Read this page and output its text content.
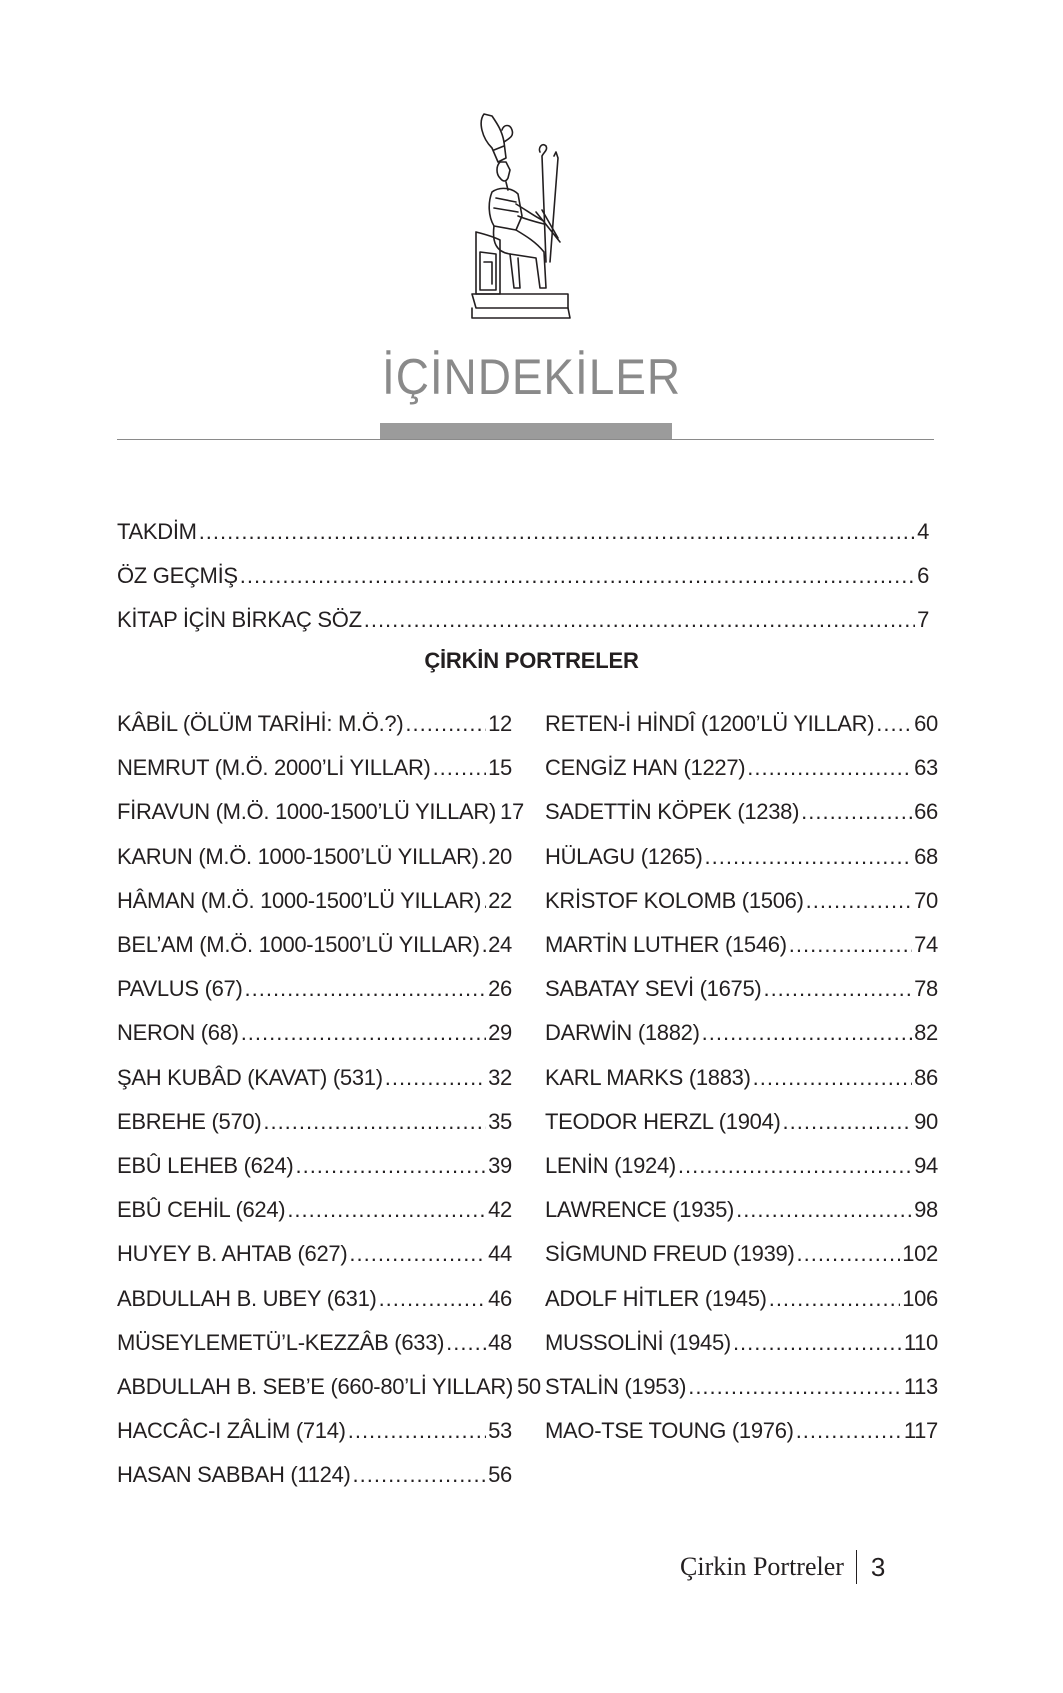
İÇİNDEKİLER
TAKDİM .....	4
ÖZ GEÇMİŞ .....	6
KİTAP İÇİN BİRKAÇ SÖZ .....	7
ÇİRKİN PORTRELER
KÂBİL (ÖLÜM TARİHİ: M.Ö.?) .....	12
NEMRUT (M.Ö. 2000’Lİ YILLAR) .....	15
FİRAVUN (M.Ö. 1000-1500’LÜ YILLAR) 17
KARUN (M.Ö. 1000-1500’LÜ YILLAR) ..... 20
HÂMAN (M.Ö. 1000-1500’LÜ YILLAR) ..... 22
BEL’AM (M.Ö. 1000-1500’LÜ YILLAR) ..... 24
PAVLUS (67) .....	26
NERON (68) .....	29
ŞAH KUBÂD (KAVAT) (531) .....	32
EBREHE (570) .....	35
EBÛ LEHEB (624) .....	39
EBÛ CEHİL (624) .....	42
HUYEY B. AHTAB (627) .....	44
ABDULLAH B. UBEY (631) .....	46
MÜSEYLEMETÜ’L-KEZZÂB (633) ..... 48
ABDULLAH B. SEB’E (660-80’Lİ YILLAR) 50
HACCÂC-I ZÂLİM (714) .....	53
HASAN SABBAH (1124) .....	56
RETEN-İ HİNDÎ (1200’LÜ YILLAR) ..... 60
CENGİZ HAN (1227) .....	63
SADETTİN KÖPEK (1238) .....	66
HÜLAGU (1265) .....	68
KRİSTOF KOLOMB (1506) .....	70
MARTİN LUTHER (1546) .....	74
SABATAY SEVİ (1675) .....	78
DARWİN (1882) .....	82
KARL MARKS (1883) .....	86
TEODOR HERZL (1904) .....	90
LENİN (1924) .....	94
LAWRENCE (1935) .....	98
SİGMUND FREUD (1939) .....	102
ADOLF HİTLER (1945) .....	106
MUSSOLİNİ (1945) .....	110
STALİN (1953) .....	113
MAO-TSE TOUNG (1976) .....	117
Çirkin Portreler 3
